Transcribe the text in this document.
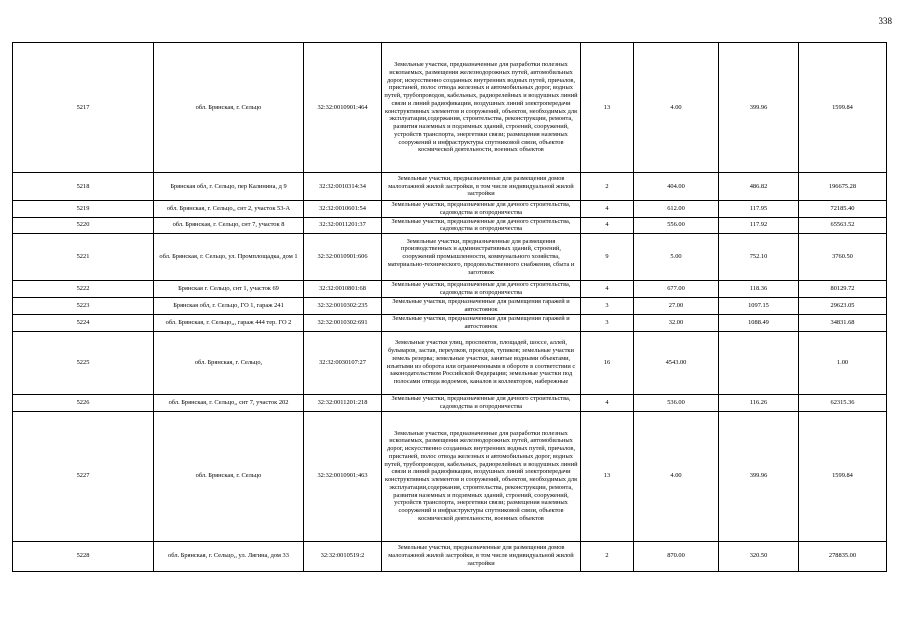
338
5217	обл. Брянская, г. Сельцо	32:32:0010901:464	Земельные участки, предназначенные для разработки полезных ископаемых, размещения железнодорожных путей, автомобильных дорог, искусственно созданных внутренних водных путей, причалов, пристаней, полос отвода железных и автомобильных дорог, водных путей, трубопроводов, кабельных, радиорелейных и воздушных линий связи и линий радиофикации, воздушных линий электропередачи конструктивных элементов и сооружений, объектов, необходимых для эксплуатации,содержания, строительства, реконструкции, ремонта, развития наземных и подземных зданий, строений, сооружений, устройств транспорта, энергетики связи; размещения наземных сооружений и инфраструктуры спутниковой связи, объектов космической деятельности, военных объектов	13	4.00	399.96	1599.84
5218	Брянская обл, г. Сельцо, пер Калинина, д 9	32:32:0010314:34	Земельные участки, предназначенные для размещения домов малоэтажной жилой застройки, в том числе индивидуальной жилой застройки	2	404.00	486.82	196675.28
5219	обл. Брянская, г. Сельцо,, снт 2, участок 53-А	32:32:0010601:54	Земельные участки, предназначенные для дачного строительства, садоводства и огородничества	4	612.00	117.95	72185.40
5220	обл. Брянская, г. Сельцо, снт 7, участок 8	32:32:0011201:37	Земельные участки, предназначенные для дачного строительства, садоводства и огородничества	4	556.00	117.92	65563.52
5221	обл. Брянская, г. Сельцо, ул. Промплощадка, дом 1	32:32:0010901:606	Земельные участки, предназначенные для размещения производственных и административных зданий, строений, сооружений промышленности, коммунального хозяйства, материально-технического, продовольственного снабжения, сбыта и заготовок	9	5.00	752.10	3760.50
5222	Брянская г. Сельцо, снт 1, участок 69	32:32:0010801:68	Земельные участки, предназначенные для дачного строительства, садоводства и огородничества	4	677.00	118.36	80129.72
5223	Брянская обл, г. Сельцо, ГО 1, гараж 241	32:32:0010302:235	Земельные участки, предназначенные для размещения гаражей и автостоянок	3	27.00	1097.15	29623.05
5224	обл. Брянская, г. Сельцо,,, гараж 444 тер. ГО 2	32:32:0010302:691	Земельные участки, предназначенные для размещения гаражей и автостоянок	3	32.00	1088.49	34831.68
5225	обл. Брянская, г. Сельцо,	32:32:0030107:27	Земельные участки улиц, проспектов, площадей, шоссе, аллей, бульваров, застав, переулков, проездов, тупиков; земельные участки земель резерва; земельные участки, занятые водными объектами, изъятыми из оборота или ограниченными в обороте в соответствии с законодательством Российской Федерации; земельные участки под полосами отвода водоемов, каналов и коллекторов, набережные	16	4543.00		1.00
5226	обл. Брянская, г. Сельцо,, снт 7, участок 202	32:32:0011201:218	Земельные участки, предназначенные для дачного строительства, садоводства и огородничества	4	536.00	116.26	62315.36
5227	обл. Брянская, г. Сельцо	32:32:0010901:463	Земельные участки, предназначенные для разработки полезных ископаемых, размещения железнодорожных путей, автомобильных дорог, искусственно созданных внутренних водных путей, причалов, пристаней, полос отвода железных и автомобильных дорог, водных путей, трубопроводов, кабельных, радиорелейных и воздушных линий связи и линий радиофикации, воздушных линий электропередачи конструктивных элементов и сооружений, объектов, необходимых для эксплуатации,содержания, строительства, реконструкции, ремонта, развития наземных и подземных зданий, строений, сооружений, устройств транспорта, энергетики связи; размещения наземных сооружений и инфраструктуры спутниковой связи, объектов космической деятельности, военных объектов	13	4.00	399.96	1599.84
5228	обл. Брянская, г. Сельцо,, ул. Лягина, дом 33	32:32:0010519:2	Земельные участки, предназначенные для размещения домов малоэтажной жилой застройки, в том числе индивидуальной жилой застройки	2	870.00	320.50	278835.00
